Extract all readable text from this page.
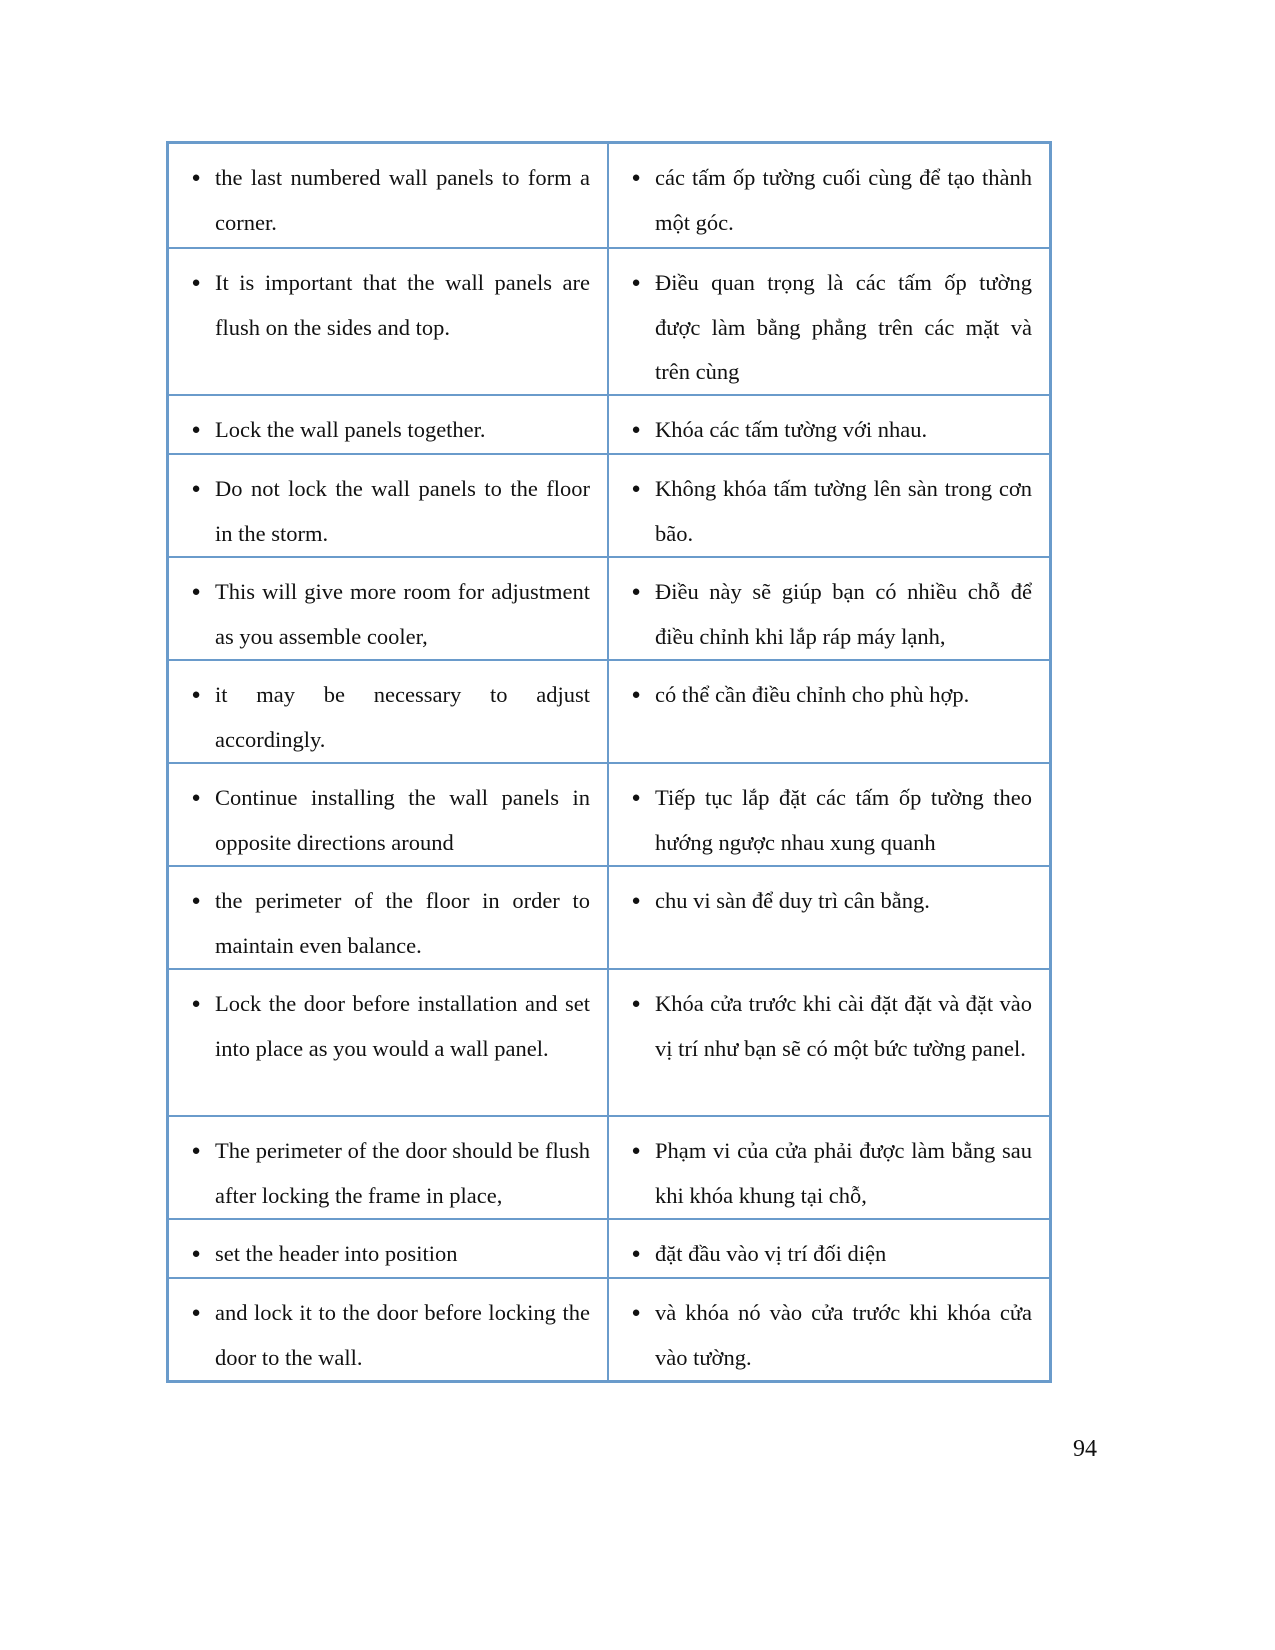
● the last numbered wall panels to form a corner.
● các tấm ốp tường cuối cùng để tạo thành một góc.
● It is important that the wall panels are flush on the sides and top.
● Điều quan trọng là các tấm ốp tường được làm bằng phẳng trên các mặt và trên cùng
● Lock the wall panels together.	● Khóa các tấm tường với nhau.
● Do not lock the wall panels to the floor in the storm.
● Không khóa tấm tường lên sàn trong cơn bão.
● This will give more room for adjustment as you assemble cooler,
● Điều này sẽ giúp bạn có nhiều chỗ để điều chỉnh khi lắp ráp máy lạnh,
● it may be necessary to adjust accordingly.
● có thể cần điều chỉnh cho phù hợp.
● Continue installing the wall panels in opposite directions around
● Tiếp tục lắp đặt các tấm ốp tường theo hướng ngược nhau xung quanh
● the perimeter of the floor in order to maintain even balance.
● chu vi sàn để duy trì cân bằng.
● Lock the door before installation and set into place as you would a wall panel.
● Khóa cửa trước khi cài đặt đặt và đặt vào vị trí như bạn sẽ có một bức tường panel.
● The perimeter of the door should be flush after locking the frame in place,
● Phạm vi của cửa phải được làm bằng sau khi khóa khung tại chỗ,
● set the header into position	● đặt đầu vào vị trí đối diện
● and lock it to the door before locking the door to the wall.
● và khóa nó vào cửa trước khi khóa cửa vào tường.
94
